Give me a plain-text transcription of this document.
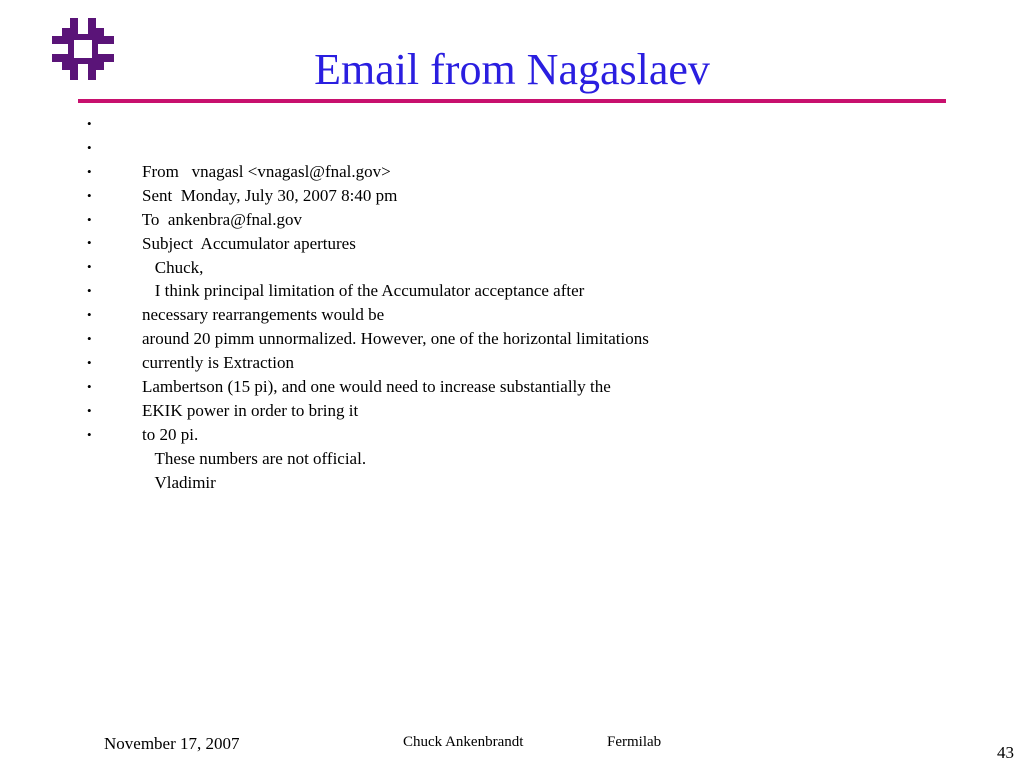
Email from Nagaslaev

•

From   vnagasl <vnagasl@fnal.gov>

•

Sent  Monday, July 30, 2007 8:40 pm

•

To  ankenbra@fnal.gov

•

Subject  Accumulator apertures

•

Chuck,

•

I think principal limitation of the Accumulator acceptance after

•

necessary rearrangements would be

•

around 20 pimm unnormalized. However, one of the horizontal limitations

•

currently is Extraction

•

Lambertson (15 pi), and one would need to increase substantially the

•

EKIK power in order to bring it

•

to 20 pi.

•

These numbers are not official.

•

Vladimir

November 17, 2007	Chuck Ankenbrandt	Fermilab
43
